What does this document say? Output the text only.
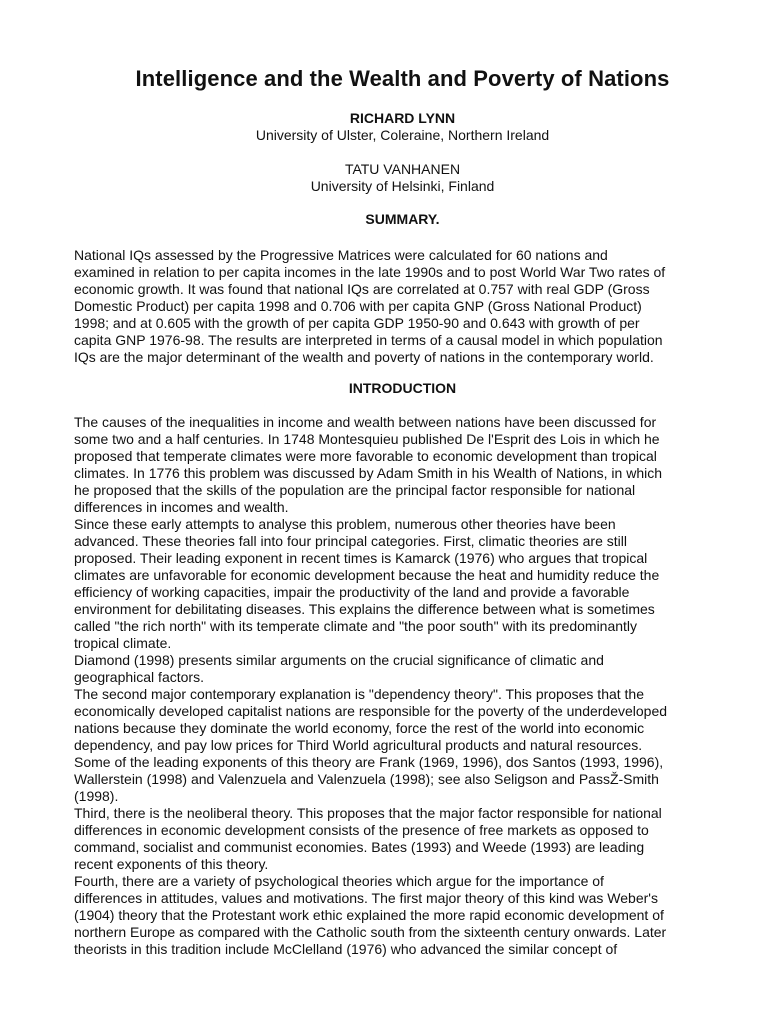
Intelligence and the Wealth and Poverty of Nations

RICHARD LYNN

University of Ulster, Coleraine, Northern Ireland

TATU VANHANEN

University of Helsinki, Finland

SUMMARY.

National IQs assessed by the Progressive Matrices were calculated for 60 nations and
examined in relation to per capita incomes in the late 1990s and to post World War Two rates of
economic growth. It was found that national IQs are correlated at 0.757 with real GDP (Gross
Domestic Product) per capita 1998 and 0.706 with per capita GNP (Gross National Product)
1998; and at 0.605 with the growth of per capita GDP 1950-90 and 0.643 with growth of per
capita GNP 1976-98. The results are interpreted in terms of a causal model in which population
IQs are the major determinant of the wealth and poverty of nations in the contemporary world.

INTRODUCTION

The causes of the inequalities in income and wealth between nations have been discussed for
some two and a half centuries. In 1748 Montesquieu published De l'Esprit des Lois in which he
proposed that temperate climates were more favorable to economic development than tropical
climates. In 1776 this problem was discussed by Adam Smith in his Wealth of Nations, in which
he proposed that the skills of the population are the principal factor responsible for national
differences in incomes and wealth.
Since these early attempts to analyse this problem, numerous other theories have been
advanced. These theories fall into four principal categories. First, climatic theories are still
proposed. Their leading exponent in recent times is Kamarck (1976) who argues that tropical
climates are unfavorable for economic development because the heat and humidity reduce the
efficiency of working capacities, impair the productivity of the land and provide a favorable
environment for debilitating diseases. This explains the difference between what is sometimes
called "the rich north" with its temperate climate and "the poor south" with its predominantly
tropical climate.
Diamond (1998) presents similar arguments on the crucial significance of climatic and
geographical factors.
The second major contemporary explanation is "dependency theory". This proposes that the
economically developed capitalist nations are responsible for the poverty of the underdeveloped
nations because they dominate the world economy, force the rest of the world into economic
dependency, and pay low prices for Third World agricultural products and natural resources.
Some of the leading exponents of this theory are Frank (1969, 1996), dos Santos (1993, 1996),
Wallerstein (1998) and Valenzuela and Valenzuela (1998); see also Seligson and PassŽ-Smith
(1998).
Third, there is the neoliberal theory. This proposes that the major factor responsible for national
differences in economic development consists of the presence of free markets as opposed to
command, socialist and communist economies. Bates (1993) and Weede (1993) are leading
recent exponents of this theory.
Fourth, there are a variety of psychological theories which argue for the importance of
differences in attitudes, values and motivations. The first major theory of this kind was Weber's
(1904) theory that the Protestant work ethic explained the more rapid economic development of
northern Europe as compared with the Catholic south from the sixteenth century onwards. Later
theorists in this tradition include McClelland (1976) who advanced the similar concept of
